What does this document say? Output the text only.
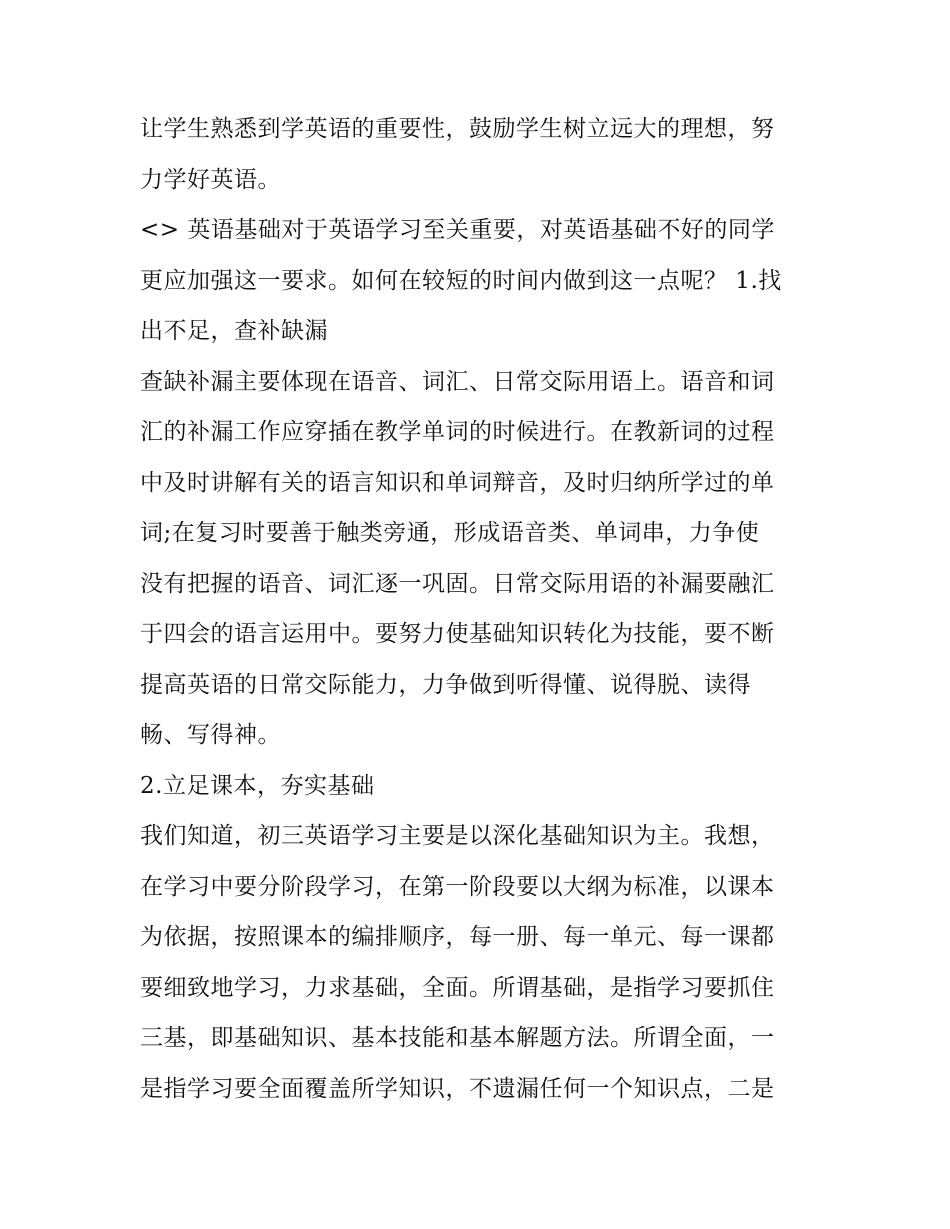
让学生熟悉到学英语的重要性，鼓励学生树立远大的理想，努
力学好英语。
<> 英语基础对于英语学习至关重要，对英语基础不好的同学
更应加强这一要求。如何在较短的时间内做到这一点呢？ 1.找
出不足，查补缺漏
查缺补漏主要体现在语音、词汇、日常交际用语上。语音和词
汇的补漏工作应穿插在教学单词的时候进行。在教新词的过程
中及时讲解有关的语言知识和单词辩音，及时归纳所学过的单
词;在复习时要善于触类旁通，形成语音类、单词串，力争使
没有把握的语音、词汇逐一巩固。日常交际用语的补漏要融汇
于四会的语言运用中。要努力使基础知识转化为技能，要不断
提高英语的日常交际能力，力争做到听得懂、说得脱、读得
畅、写得神。
2.立足课本，夯实基础
我们知道，初三英语学习主要是以深化基础知识为主。我想，
在学习中要分阶段学习，在第一阶段要以大纲为标准，以课本
为依据，按照课本的编排顺序，每一册、每一单元、每一课都
要细致地学习，力求基础，全面。所谓基础，是指学习要抓住
三基，即基础知识、基本技能和基本解题方法。所谓全面，一
是指学习要全面覆盖所学知识，不遗漏任何一个知识点，二是
